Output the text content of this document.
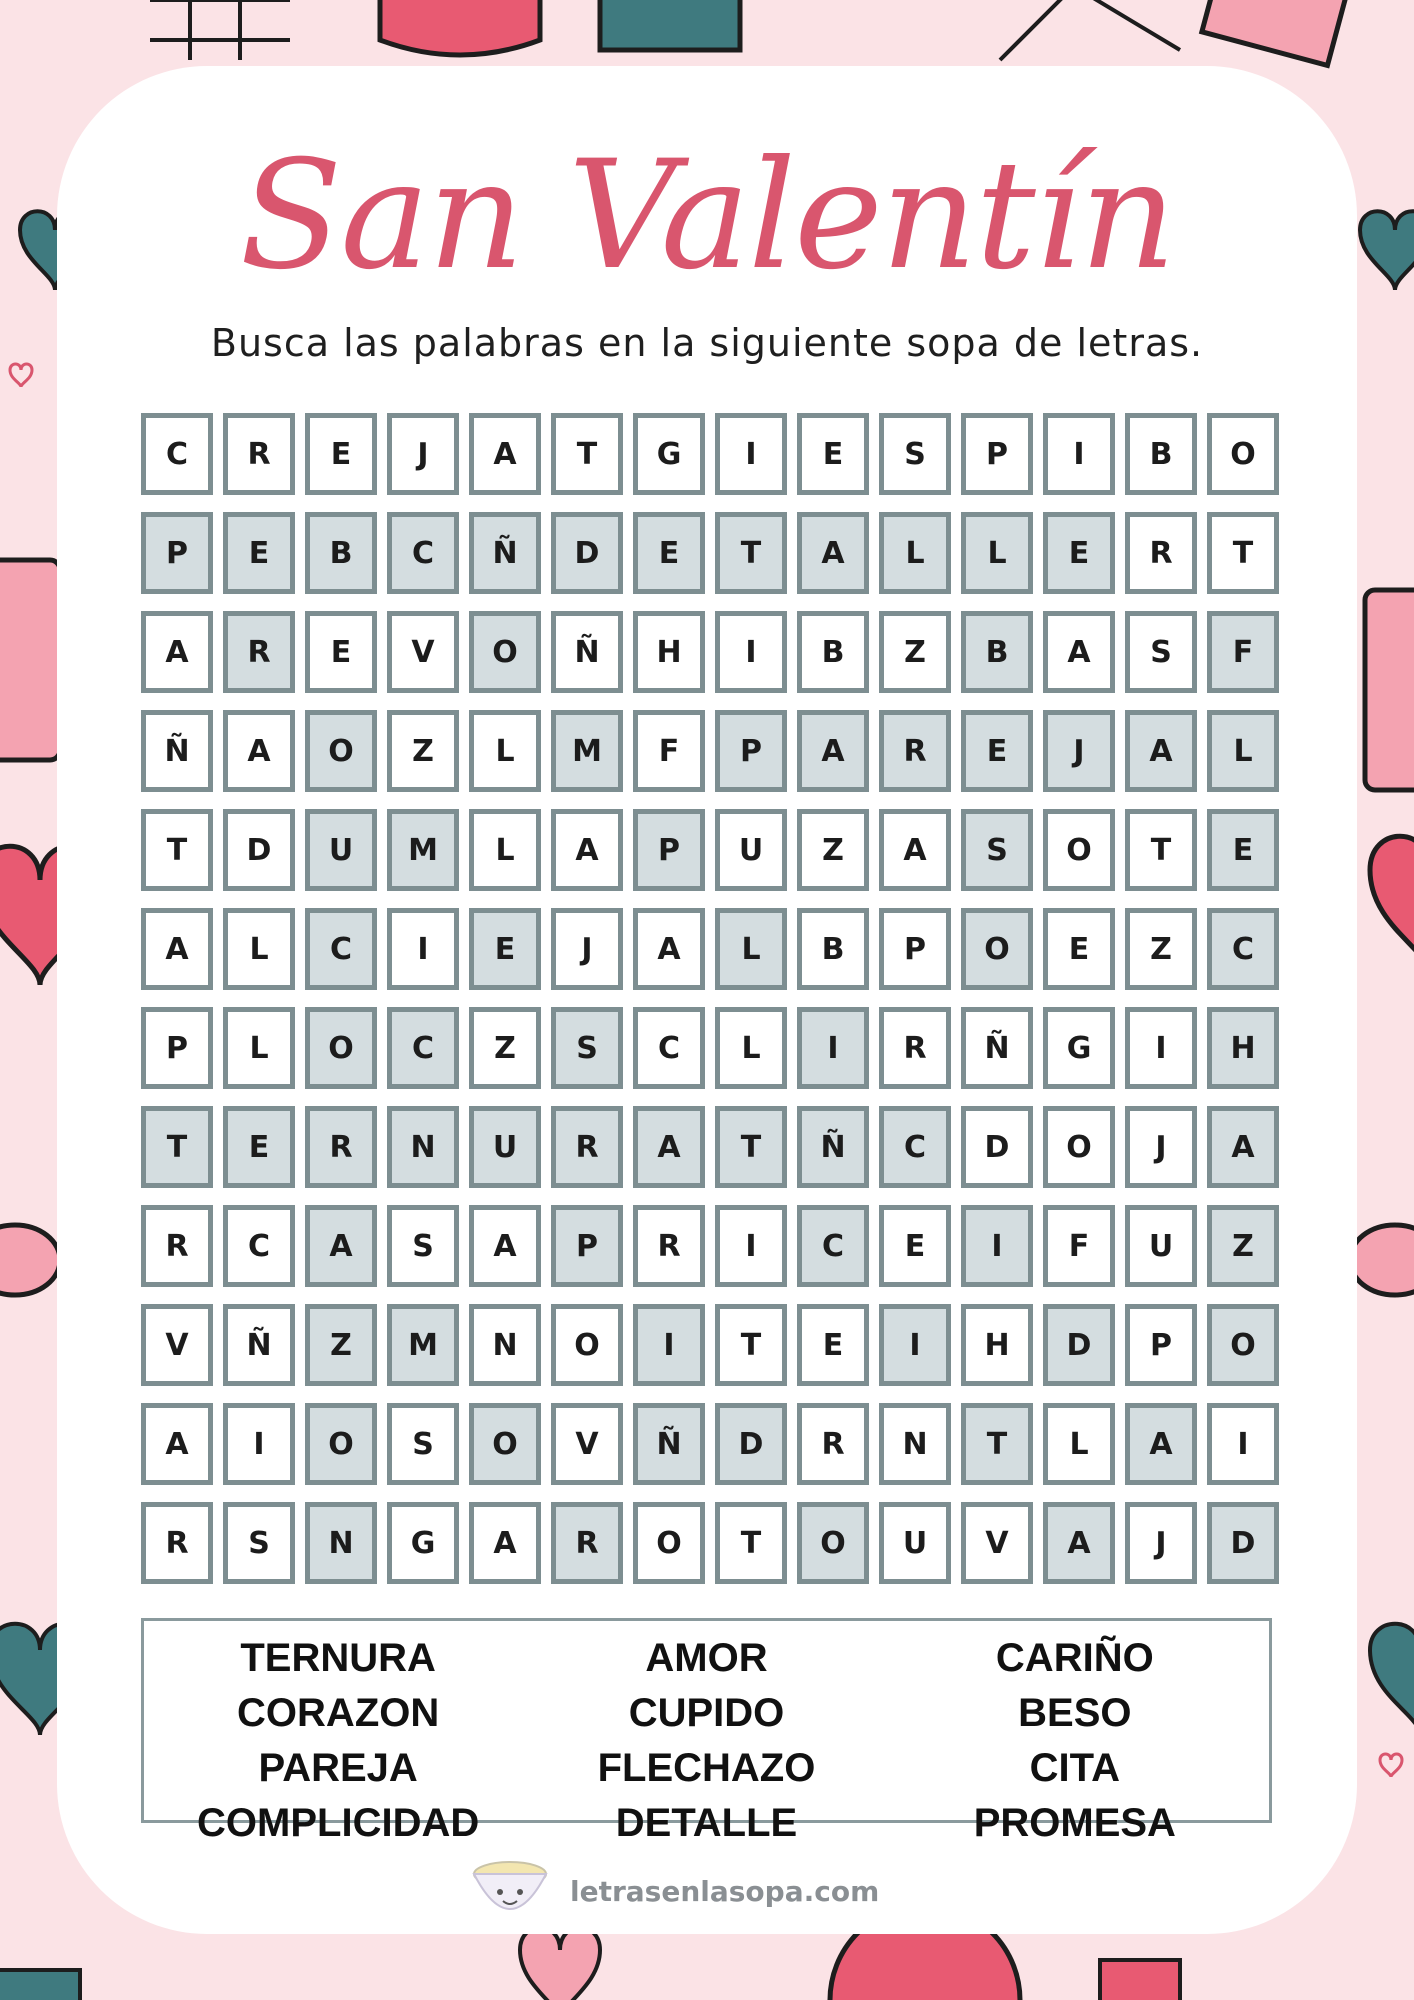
San Valentín
Busca las palabras en la siguiente sopa de letras.
C	R	E	J	A	T	G	I	E	S	P	I	B	O
P	E	B	C	Ñ	D	E	T	A	L	L	E	R	T
A	R	E	V	O	Ñ	H	I	B	Z	B	A	S	F
Ñ	A	O	Z	L	M	F	P	A	R	E	J	A	L
T	D	U	M	L	A	P	U	Z	A	S	O	T	E
A	L	C	I	E	J	A	L	B	P	O	E	Z	C
P	L	O	C	Z	S	C	L	I	R	Ñ	G	I	H
T	E	R	N	U	R	A	T	Ñ	C	D	O	J	A
R	C	A	S	A	P	R	I	C	E	I	F	U	Z
V	Ñ	Z	M	N	O	I	T	E	I	H	D	P	O
A	I	O	S	O	V	Ñ	D	R	N	T	L	A	I
R	S	N	G	A	R	O	T	O	U	V	A	J	D
TERNURA
CORAZON
PAREJA
COMPLICIDAD
AMOR
CUPIDO
FLECHAZO
DETALLE
CARIÑO
BESO
CITA
PROMESA
letrasenlasopa.com
